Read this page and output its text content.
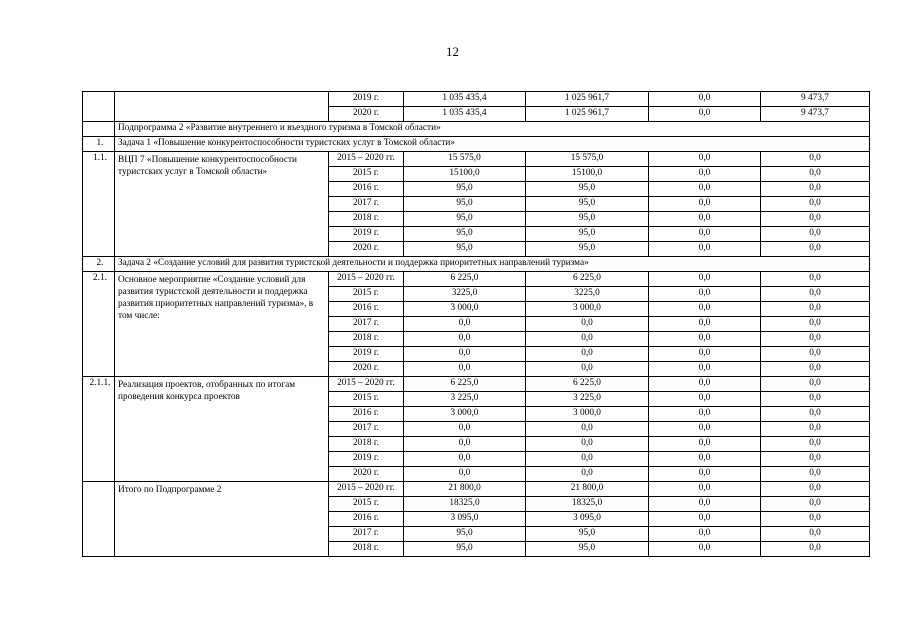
12
		2019 г.	1 035 435,4	1 025 961,7	0,0	9 473,7
		2020 г.	1 035 435,4	1 025 961,7	0,0	9 473,7
	Подпрограмма 2 «Развитие внутреннего и въездного туризма в Томской области»					
1.	Задача 1 «Повышение конкурентоспособности туристских услуг в Томской области»					
1.1.	ВЦП 7 «Повышение конкурентоспособности туристских услуг в Томской области»	2015 – 2020 гг.	15 575,0	15 575,0	0,0	0,0
		2015 г.	15100,0	15100,0	0,0	0,0
		2016 г.	95,0	95,0	0,0	0,0
		2017 г.	95,0	95,0	0,0	0,0
		2018 г.	95,0	95,0	0,0	0,0
		2019 г.	95,0	95,0	0,0	0,0
		2020 г.	95,0	95,0	0,0	0,0
2.	Задача 2 «Создание условий для развития туристской деятельности и поддержка приоритетных направлений туризма»					
2.1.	Основное мероприятие «Создание условий для развития туристской деятельности и поддержка развития приоритетных направлений туризма», в том числе:	2015 – 2020 гг.	6 225,0	6 225,0	0,0	0,0
		2015 г.	3225,0	3225,0	0,0	0,0
		2016 г.	3 000,0	3 000,0	0,0	0,0
		2017 г.	0,0	0,0	0,0	0,0
		2018 г.	0,0	0,0	0,0	0,0
		2019 г.	0,0	0,0	0,0	0,0
		2020 г.	0,0	0,0	0,0	0,0
2.1.1.	Реализация проектов, отобранных по итогам проведения конкурса проектов	2015 – 2020 гг.	6 225,0	6 225,0	0,0	0,0
		2015 г.	3 225,0	3 225,0	0,0	0,0
		2016 г.	3 000,0	3 000,0	0,0	0,0
		2017 г.	0,0	0,0	0,0	0,0
		2018 г.	0,0	0,0	0,0	0,0
		2019 г.	0,0	0,0	0,0	0,0
		2020 г.	0,0	0,0	0,0	0,0
	Итого по Подпрограмме 2	2015 – 2020 гг.	21 800,0	21 800,0	0,0	0,0
		2015 г.	18325,0	18325,0	0,0	0,0
		2016 г.	3 095,0	3 095,0	0,0	0,0
		2017 г.	95,0	95,0	0,0	0,0
		2018 г.	95,0	95,0	0,0	0,0
